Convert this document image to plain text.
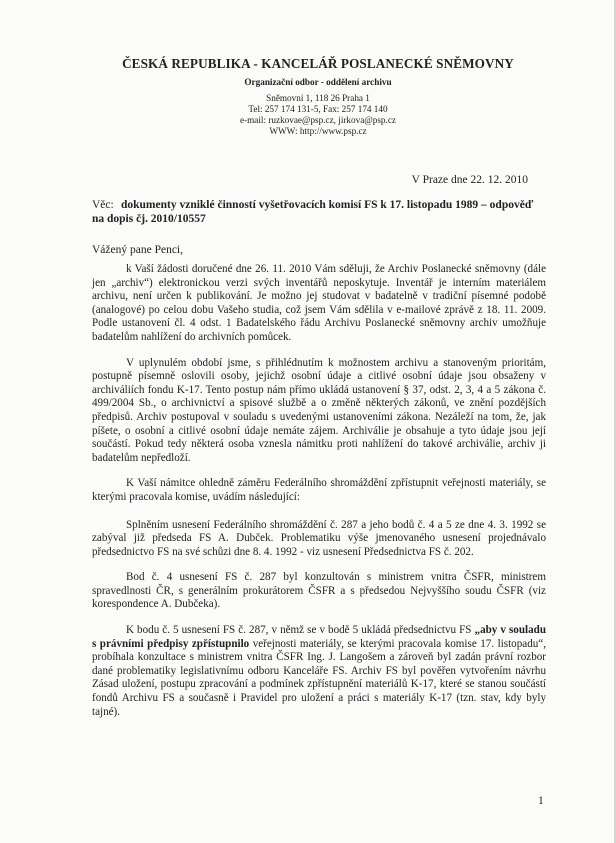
ČESKÁ REPUBLIKA - KANCELÁŘ POSLANECKÉ SNĚMOVNY
Organizační odbor - oddělení archivu
Sněmovní 1, 118 26 Praha 1
Tel: 257 174 131-5, Fax: 257 174 140
e-mail: ruzkovae@psp.cz, jirkova@psp.cz
WWW: http://www.psp.cz
V Praze dne 22. 12. 2010
Věc: dokumenty vzniklé činností vyšetřovacích komisí FS k 17. listopadu 1989 – odpověď na dopis čj. 2010/10557
Vážený pane Penci,

k Vaší žádosti doručené dne 26. 11. 2010 Vám sděluji, že Archiv Poslanecké sněmovny (dále jen „archiv“) elektronickou verzi svých inventářů neposkytuje. Inventář je interním materiálem archivu, není určen k publikování. Je možno jej studovat v badatelně v tradiční písemné podobě (analogové) po celou dobu Vašeho studia, což jsem Vám sdělila v e-mailové zprávě z 18. 11. 2009. Podle ustanovení čl. 4 odst. 1 Badatelského řádu Archivu Poslanecké sněmovny archiv umožňuje badatelům nahlížení do archivních pomůcek.

V uplynulém období jsme, s přihlédnutím k možnostem archivu a stanoveným prioritám, postupně písemně oslovili osoby, jejichž osobní údaje a citlivé osobní údaje jsou obsaženy v archiváliích fondu K-17. Tento postup nám přímo ukládá ustanovení § 37, odst. 2, 3, 4 a 5 zákona č. 499/2004 Sb., o archivnictví a spisové službě a o změně některých zákonů, ve znění pozdějších předpisů. Archiv postupoval v souladu s uvedenými ustanoveními zákona. Nezáleží na tom, že, jak píšete, o osobní a citlivé osobní údaje nemáte zájem. Archiválie je obsahuje a tyto údaje jsou její součástí. Pokud tedy některá osoba vznesla námitku proti nahlížení do takové archiválie, archiv ji badatelům nepředloží.

K Vaší námitce ohledně záměru Federálního shromáždění zpřístupnit veřejnosti materiály, se kterými pracovala komise, uvádím následující:

Splněním usnesení Federálního shromáždění č. 287 a jeho bodů č. 4 a 5 ze dne 4. 3. 1992 se zabýval již předseda FS A. Dubček. Problematiku výše jmenovaného usnesení projednávalo předsednictvo FS na své schůzi dne 8. 4. 1992 - viz usnesení Předsednictva FS č. 202.

Bod č. 4 usnesení FS č. 287 byl konzultován s ministrem vnitra ČSFR, ministrem spravedlnosti ČR, s generálním prokurátorem ČSFR a s předsedou Nejvyššího soudu ČSFR (viz korespondence A. Dubčeka).

K bodu č. 5 usnesení FS č. 287, v němž se v bodě 5 ukládá předsednictvu FS „aby v souladu s právními předpisy zpřístupnilo veřejnosti materiály, se kterými pracovala komise 17. listopadu“, probíhala konzultace s ministrem vnitra ČSFR Ing. J. Langošem a zároveň byl zadán právní rozbor dané problematiky legislativnímu odboru Kanceláře FS. Archiv FS byl pověřen vytvořením návrhu Zásad uložení, postupu zpracování a podmínek zpřístupnění materiálů K-17, které se stanou součástí fondů Archivu FS a současně i Pravidel pro uložení a práci s materiály K-17 (tzn. stav, kdy byly tajné).

1
